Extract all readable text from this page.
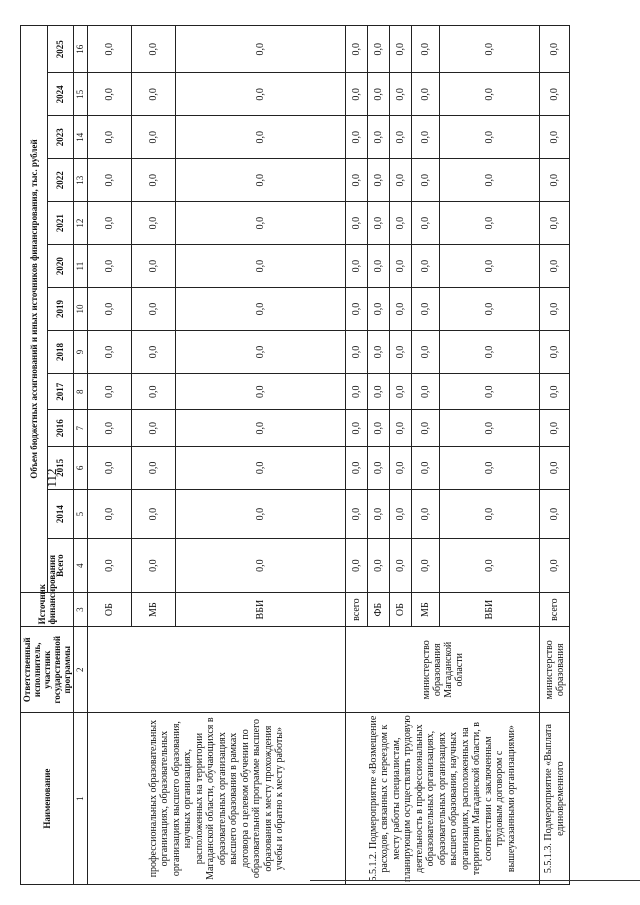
112
Наименование	Ответственный исполнитель, участник государственной программы	Источник финансирования	Объем бюджетных ассигнований и иных источников финансирования, тыс. рублей												
			Всего	2014	2015	2016	2017	2018	2019	2020	2021	2022	2023	2024	2025
1	2	3	4	5	6	7	8	9	10	11	12	13	14	15	16
профессиональных образовательных организациях, образовательных организациях высшего образования, научных организациях, расположенных на территории Магаданской области, обучающихся в образовательных организациях высшего образования в рамках договора о целевом обучении по образовательной программе высшего образования к месту прохождения учебы и обратно к месту работы»		ОБ	0,0	0,0	0,0	0,0	0,0	0,0	0,0	0,0	0,0	0,0	0,0	0,0	0,0
		МБ	0,0	0,0	0,0	0,0	0,0	0,0	0,0	0,0	0,0	0,0	0,0	0,0	0,0
		ВБИ	0,0	0,0	0,0	0,0	0,0	0,0	0,0	0,0	0,0	0,0	0,0	0,0	0,0
5.5.1.2. Подмероприятие «Возмещение расходов, связанных с переездом к месту работы специалистам, планирующим осуществлять трудовую деятельность в профессиональных образовательных организациях, образовательных организациях высшего образования, научных организациях, расположенных на территории Магаданской области, в соответствии с заключенным трудовым договором с вышеуказанными организациями»	министерство образования Магаданской области	всего	0,0	0,0	0,0	0,0	0,0	0,0	0,0	0,0	0,0	0,0	0,0	0,0	0,0
		ФБ	0,0	0,0	0,0	0,0	0,0	0,0	0,0	0,0	0,0	0,0	0,0	0,0	0,0
		ОБ	0,0	0,0	0,0	0,0	0,0	0,0	0,0	0,0	0,0	0,0	0,0	0,0	0,0
		МБ	0,0	0,0	0,0	0,0	0,0	0,0	0,0	0,0	0,0	0,0	0,0	0,0	0,0
		ВБИ	0,0	0,0	0,0	0,0	0,0	0,0	0,0	0,0	0,0	0,0	0,0	0,0	0,0
5.5.1.3. Подмероприятие «Выплата единовременного	министерство образования	всего	0,0	0,0	0,0	0,0	0,0	0,0	0,0	0,0	0,0	0,0	0,0	0,0	0,0
